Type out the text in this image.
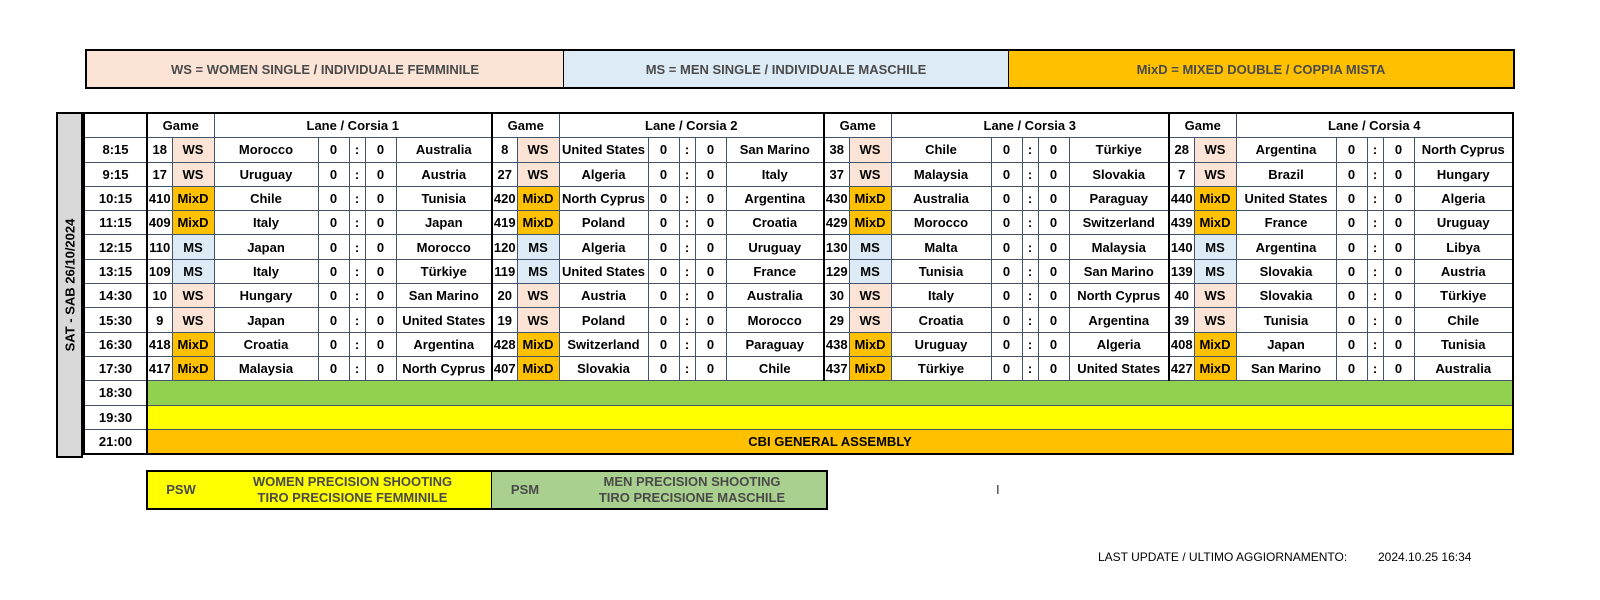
WS = WOMEN SINGLE / INDIVIDUALE FEMMINILE	MS = MEN SINGLE / INDIVIDUALE MASCHILE	MixD = MIXED DOUBLE / COPPIA MISTA
SAT - SAB 26/10/2024
	Game		Lane / Corsia 1					Game		Lane / Corsia 2					Game		Lane / Corsia 3					Game		Lane / Corsia 4				
8:15	18	WS	Morocco	0	:	0	Australia	8	WS	United States	0	:	0	San Marino	38	WS	Chile	0	:	0	Türkiye	28	WS	Argentina	0	:	0	North Cyprus
9:15	17	WS	Uruguay	0	:	0	Austria	27	WS	Algeria	0	:	0	Italy	37	WS	Malaysia	0	:	0	Slovakia	7	WS	Brazil	0	:	0	Hungary
10:15	410	MixD	Chile	0	:	0	Tunisia	420	MixD	North Cyprus	0	:	0	Argentina	430	MixD	Australia	0	:	0	Paraguay	440	MixD	United States	0	:	0	Algeria
11:15	409	MixD	Italy	0	:	0	Japan	419	MixD	Poland	0	:	0	Croatia	429	MixD	Morocco	0	:	0	Switzerland	439	MixD	France	0	:	0	Uruguay
12:15	110	MS	Japan	0	:	0	Morocco	120	MS	Algeria	0	:	0	Uruguay	130	MS	Malta	0	:	0	Malaysia	140	MS	Argentina	0	:	0	Libya
13:15	109	MS	Italy	0	:	0	Türkiye	119	MS	United States	0	:	0	France	129	MS	Tunisia	0	:	0	San Marino	139	MS	Slovakia	0	:	0	Austria
14:30	10	WS	Hungary	0	:	0	San Marino	20	WS	Austria	0	:	0	Australia	30	WS	Italy	0	:	0	North Cyprus	40	WS	Slovakia	0	:	0	Türkiye
15:30	9	WS	Japan	0	:	0	United States	19	WS	Poland	0	:	0	Morocco	29	WS	Croatia	0	:	0	Argentina	39	WS	Tunisia	0	:	0	Chile
16:30	418	MixD	Croatia	0	:	0	Argentina	428	MixD	Switzerland	0	:	0	Paraguay	438	MixD	Uruguay	0	:	0	Algeria	408	MixD	Japan	0	:	0	Tunisia
17:30	417	MixD	Malaysia	0	:	0	North Cyprus	407	MixD	Slovakia	0	:	0	Chile	437	MixD	Türkiye	0	:	0	United States	427	MixD	San Marino	0	:	0	Australia
18:30																												
19:30																												
21:00	CBI GENERAL ASSEMBLY																											
PSW
WOMEN PRECISION SHOOTING
TIRO PRECISIONE FEMMINILE
PSM
MEN PRECISION SHOOTING
TIRO PRECISIONE MASCHILE
I
LAST UPDATE / ULTIMO AGGIORNAMENTO:	2024.10.25 16:34
